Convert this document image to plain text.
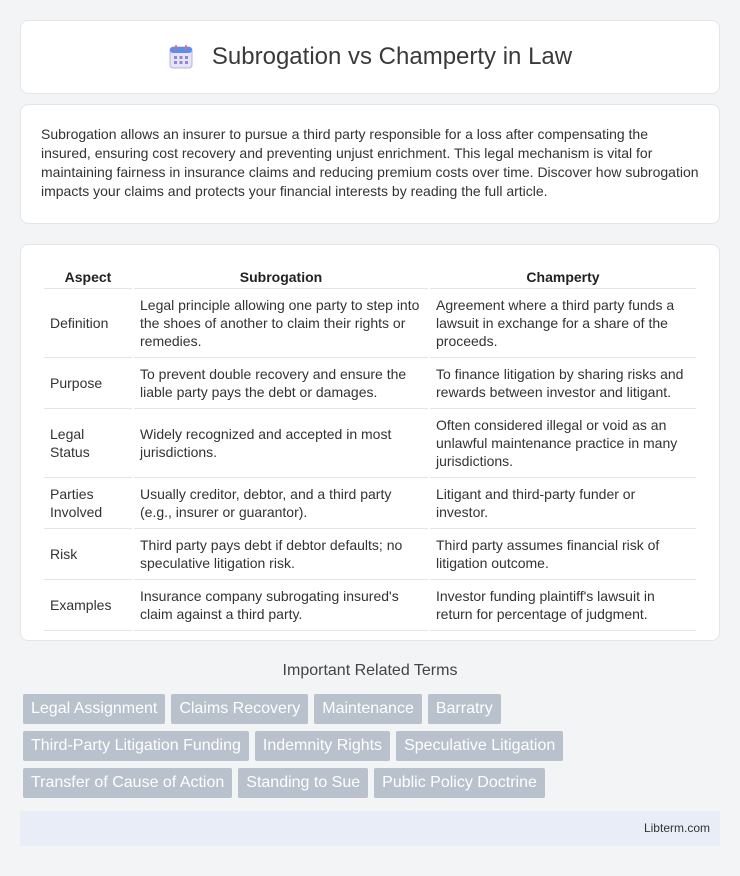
Subrogation vs Champerty in Law

Subrogation allows an insurer to pursue a third party responsible for a loss after compensating the insured, ensuring cost recovery and preventing unjust enrichment. This legal mechanism is vital for maintaining fairness in insurance claims and reducing premium costs over time. Discover how subrogation impacts your claims and protects your financial interests by reading the full article.

Aspect	Subrogation	Champerty
Definition	Legal principle allowing one party to step into the shoes of another to claim their rights or remedies.	Agreement where a third party funds a lawsuit in exchange for a share of the proceeds.
Purpose	To prevent double recovery and ensure the liable party pays the debt or damages.	To finance litigation by sharing risks and rewards between investor and litigant.
Legal Status	Widely recognized and accepted in most jurisdictions.	Often considered illegal or void as an unlawful maintenance practice in many jurisdictions.
Parties Involved	Usually creditor, debtor, and a third party (e.g., insurer or guarantor).	Litigant and third-party funder or investor.
Risk	Third party pays debt if debtor defaults; no speculative litigation risk.	Third party assumes financial risk of litigation outcome.
Examples	Insurance company subrogating insured's claim against a third party.	Investor funding plaintiff's lawsuit in return for percentage of judgment.
Important Related Terms
Legal Assignment	Claims Recovery	Maintenance	Barratry
Third-Party Litigation Funding	Indemnity Rights	Speculative Litigation
Transfer of Cause of Action	Standing to Sue	Public Policy Doctrine
Libterm.com
